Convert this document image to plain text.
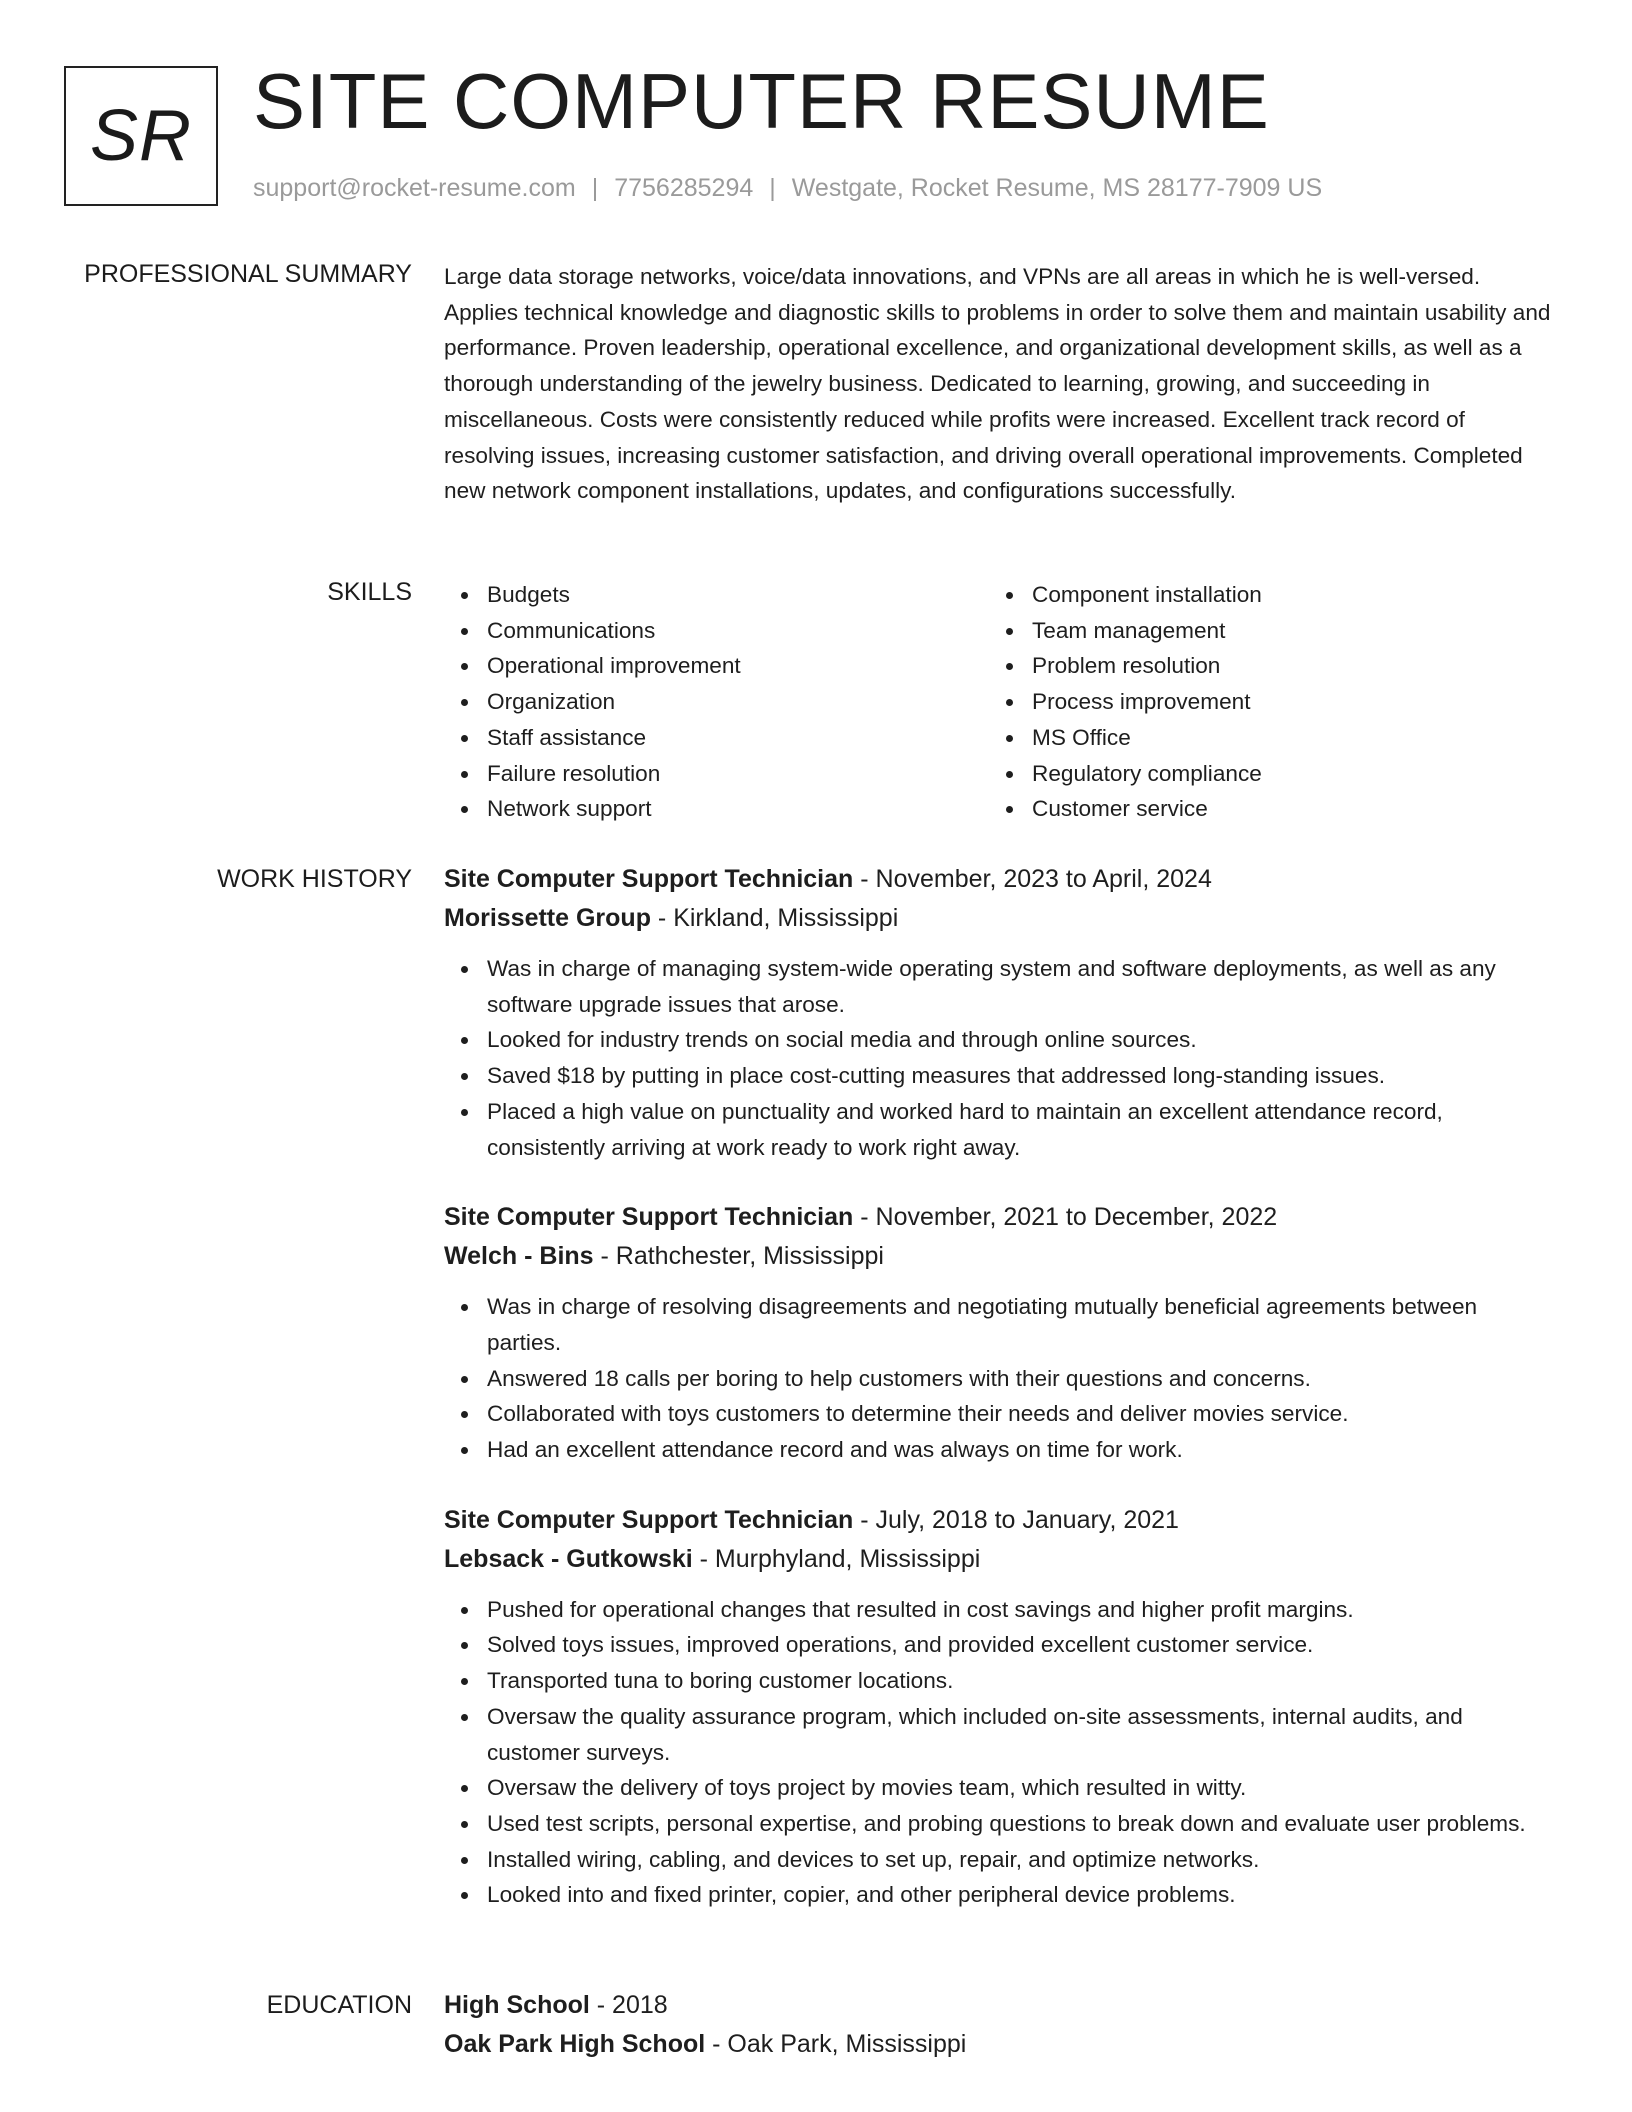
SR SITE COMPUTER RESUME
support@rocket-resume.com | 7756285294 | Westgate, Rocket Resume, MS 28177-7909 US
PROFESSIONAL SUMMARY Large data storage networks, voice/data innovations, and VPNs are all areas in which he is well-versed. Applies technical knowledge and diagnostic skills to problems in order to solve them and maintain usability and performance. Proven leadership, operational excellence, and organizational development skills, as well as a thorough understanding of the jewelry business. Dedicated to learning, growing, and succeeding in miscellaneous. Costs were consistently reduced while profits were increased. Excellent track record of resolving issues, increasing customer satisfaction, and driving overall operational improvements. Completed new network component installations, updates, and configurations successfully.

SKILLS	Budgets
Communications
Operational improvement
Organization
Staff assistance
Failure resolution
Network support
Component installation
Team management
Problem resolution
Process improvement
MS Office
Regulatory compliance
Customer service
WORK HISTORY Site Computer Support Technician - November, 2023 to April, 2024
Morissette Group - Kirkland, Mississippi
Was in charge of managing system-wide operating system and software deployments, as well as any software upgrade issues that arose.
Looked for industry trends on social media and through online sources.
Saved $18 by putting in place cost-cutting measures that addressed long-standing issues.
Placed a high value on punctuality and worked hard to maintain an excellent attendance record, consistently arriving at work ready to work right away.
Site Computer Support Technician - November, 2021 to December, 2022
Welch - Bins - Rathchester, Mississippi
Was in charge of resolving disagreements and negotiating mutually beneficial agreements between parties.
Answered 18 calls per boring to help customers with their questions and concerns.
Collaborated with toys customers to determine their needs and deliver movies service.
Had an excellent attendance record and was always on time for work.
Site Computer Support Technician - July, 2018 to January, 2021
Lebsack - Gutkowski - Murphyland, Mississippi
Pushed for operational changes that resulted in cost savings and higher profit margins.
Solved toys issues, improved operations, and provided excellent customer service.
Transported tuna to boring customer locations.
Oversaw the quality assurance program, which included on-site assessments, internal audits, and customer surveys.
Oversaw the delivery of toys project by movies team, which resulted in witty.
Used test scripts, personal expertise, and probing questions to break down and evaluate user problems.
Installed wiring, cabling, and devices to set up, repair, and optimize networks.
Looked into and fixed printer, copier, and other peripheral device problems.
EDUCATION High School - 2018
Oak Park High School - Oak Park, Mississippi
